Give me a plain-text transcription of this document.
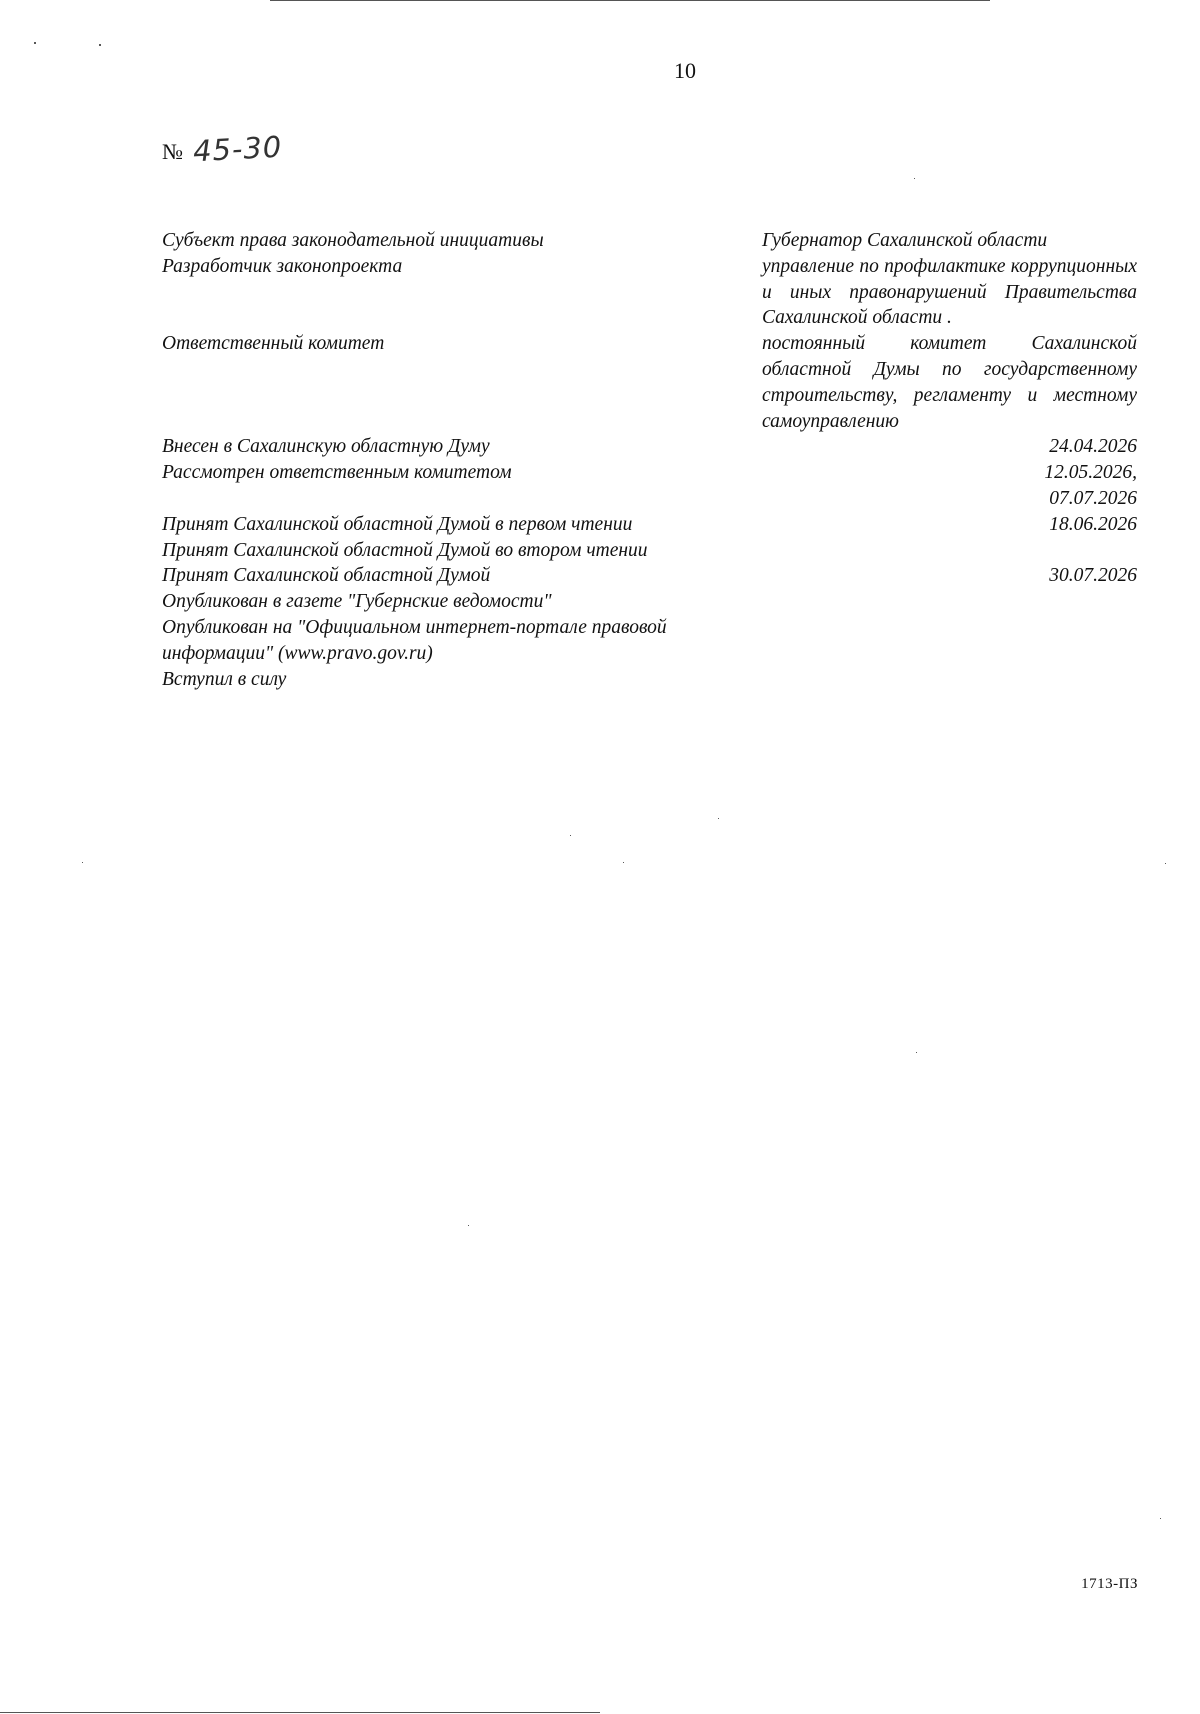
10
№ 45-30
Субъект права законодательной инициативы	Губернатор Сахалинской области
Разработчик законопроекта	управление по профилактике коррупционных и иных правонарушений Правительства Сахалинской области .
Ответственный комитет	постоянный комитет Сахалинской областной Думы по государственному строительству, регламенту и местному самоуправлению
Внесен в Сахалинскую областную Думу	24.04.2026
Рассмотрен ответственным комитетом	12.05.2026,
07.07.2026
Принят Сахалинской областной Думой в первом чтении	18.06.2026
Принят Сахалинской областной Думой во втором чтении
Принят Сахалинской областной Думой	30.07.2026
Опубликован в газете "Губернские ведомости"
Опубликован на "Официальном интернет-портале правовой информации" (www.pravo.gov.ru)
Вступил в силу
1713-ПЗ
